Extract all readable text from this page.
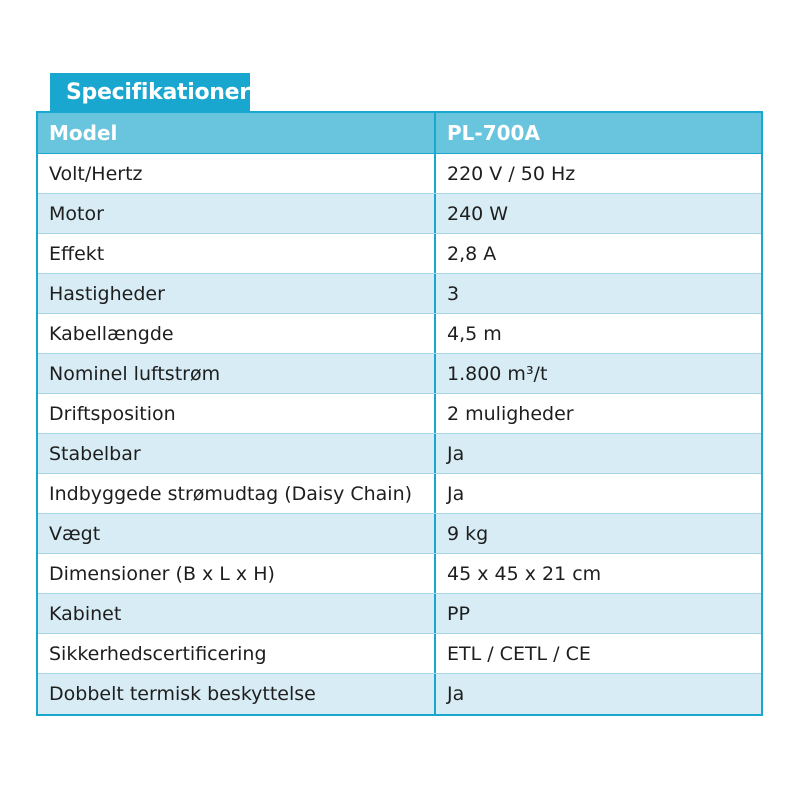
Specifikationer
Model	PL-700A
Volt/Hertz	220 V / 50 Hz
Motor	240 W
Effekt	2,8 A
Hastigheder	3
Kabellængde	4,5 m
Nominel luftstrøm	1.800 m³/t
Driftsposition	2 muligheder
Stabelbar	Ja
Indbyggede strømudtag (Daisy Chain)	Ja
Vægt	9 kg
Dimensioner (B x L x H)	45 x 45 x 21 cm
Kabinet	PP
Sikkerhedscertificering	ETL / CETL / CE
Dobbelt termisk beskyttelse	Ja
